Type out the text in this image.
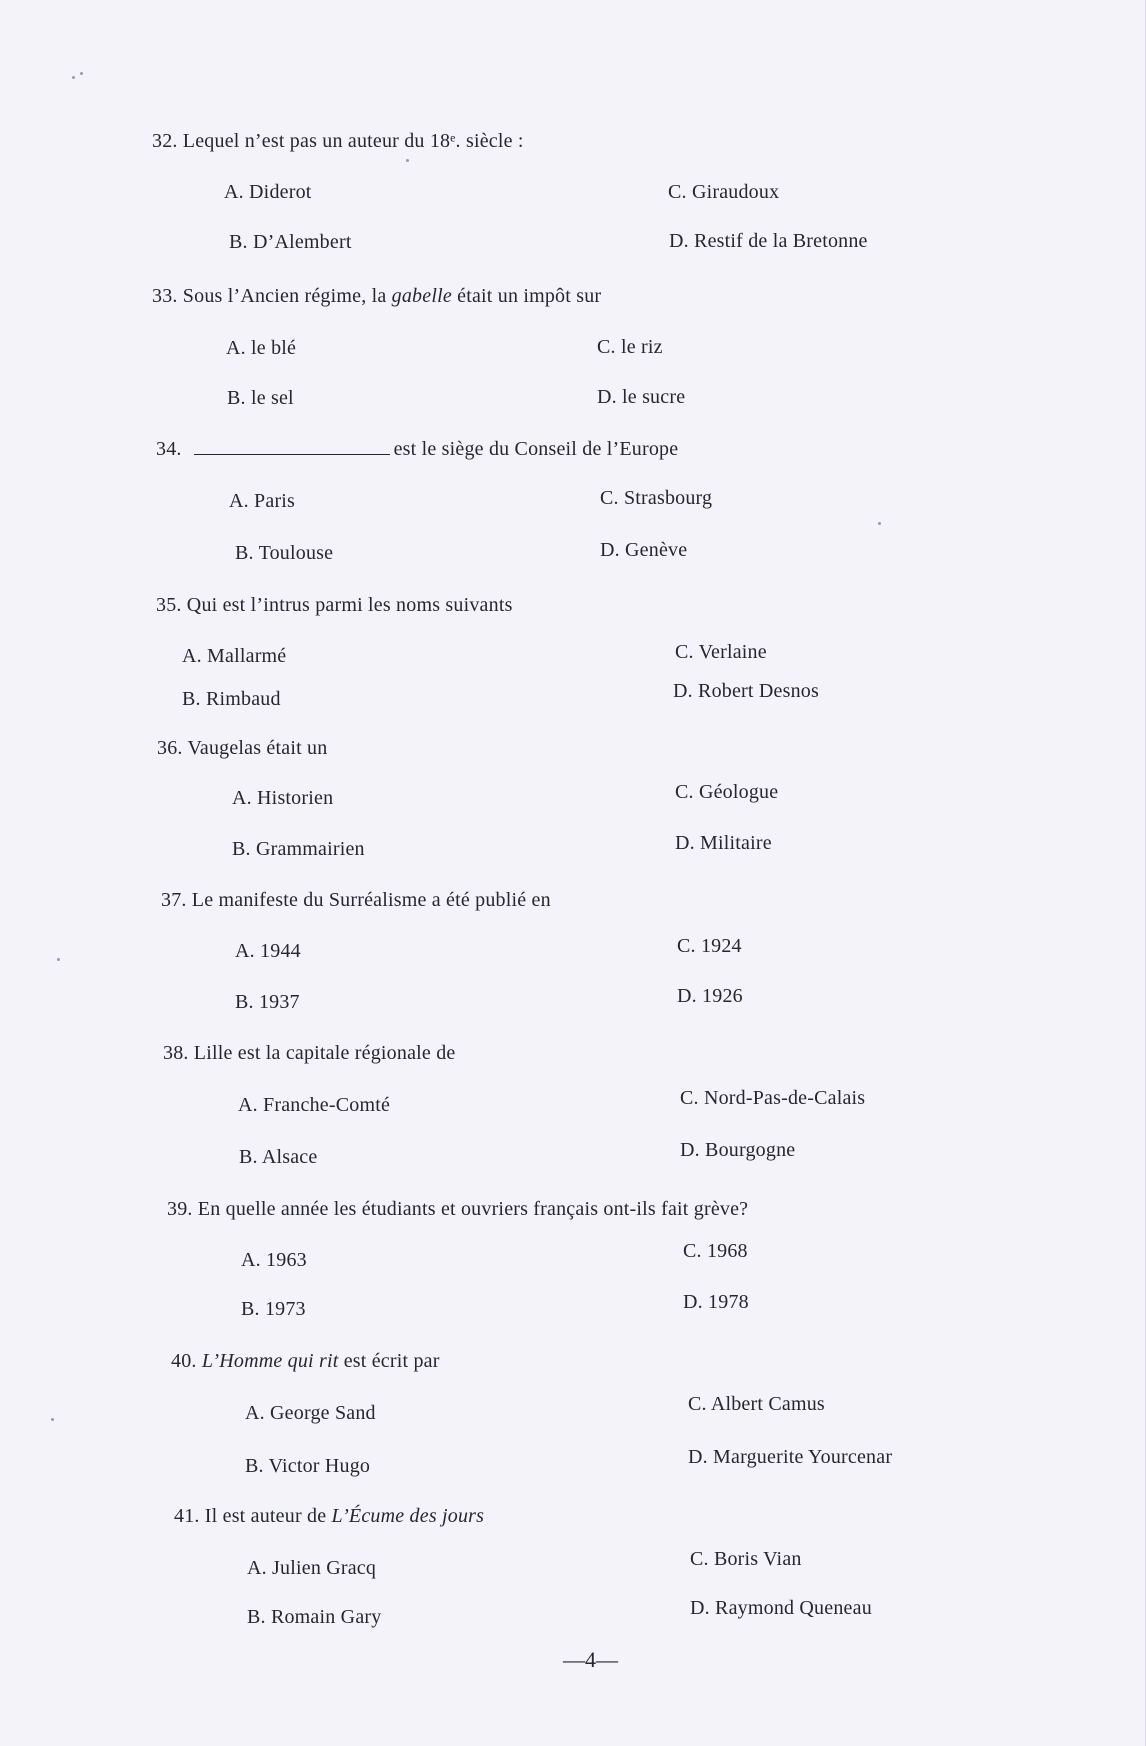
32. Lequel n’est pas un auteur du 18ᵉ. siècle :
A. Diderot	C. Giraudoux
B. D’Alembert	D. Restif de la Bretonne
33. Sous l’Ancien régime, la gabelle était un impôt sur
A. le blé	C. le riz
B. le sel	D. le sucre
34.	est le siège du Conseil de l’Europe
A. Paris	C. Strasbourg
B. Toulouse	D. Genève
35. Qui est l’intrus parmi les noms suivants
A. Mallarmé	C. Verlaine
B. Rimbaud	D. Robert Desnos
36. Vaugelas était un
A. Historien	C. Géologue
B. Grammairien	D. Militaire
37. Le manifeste du Surréalisme a été publié en
A. 1944	C. 1924
B. 1937	D. 1926
38. Lille est la capitale régionale de
A. Franche-Comté	C. Nord-Pas-de-Calais
B. Alsace	D. Bourgogne
39. En quelle année les étudiants et ouvriers français ont-ils fait grève?
A. 1963	C. 1968
B. 1973	D. 1978
40. L’Homme qui rit est écrit par
A. George Sand	C. Albert Camus
B. Victor Hugo	D. Marguerite Yourcenar
41. Il est auteur de L’Écume des jours
A. Julien Gracq	C. Boris Vian
B. Romain Gary	D. Raymond Queneau
—4—
